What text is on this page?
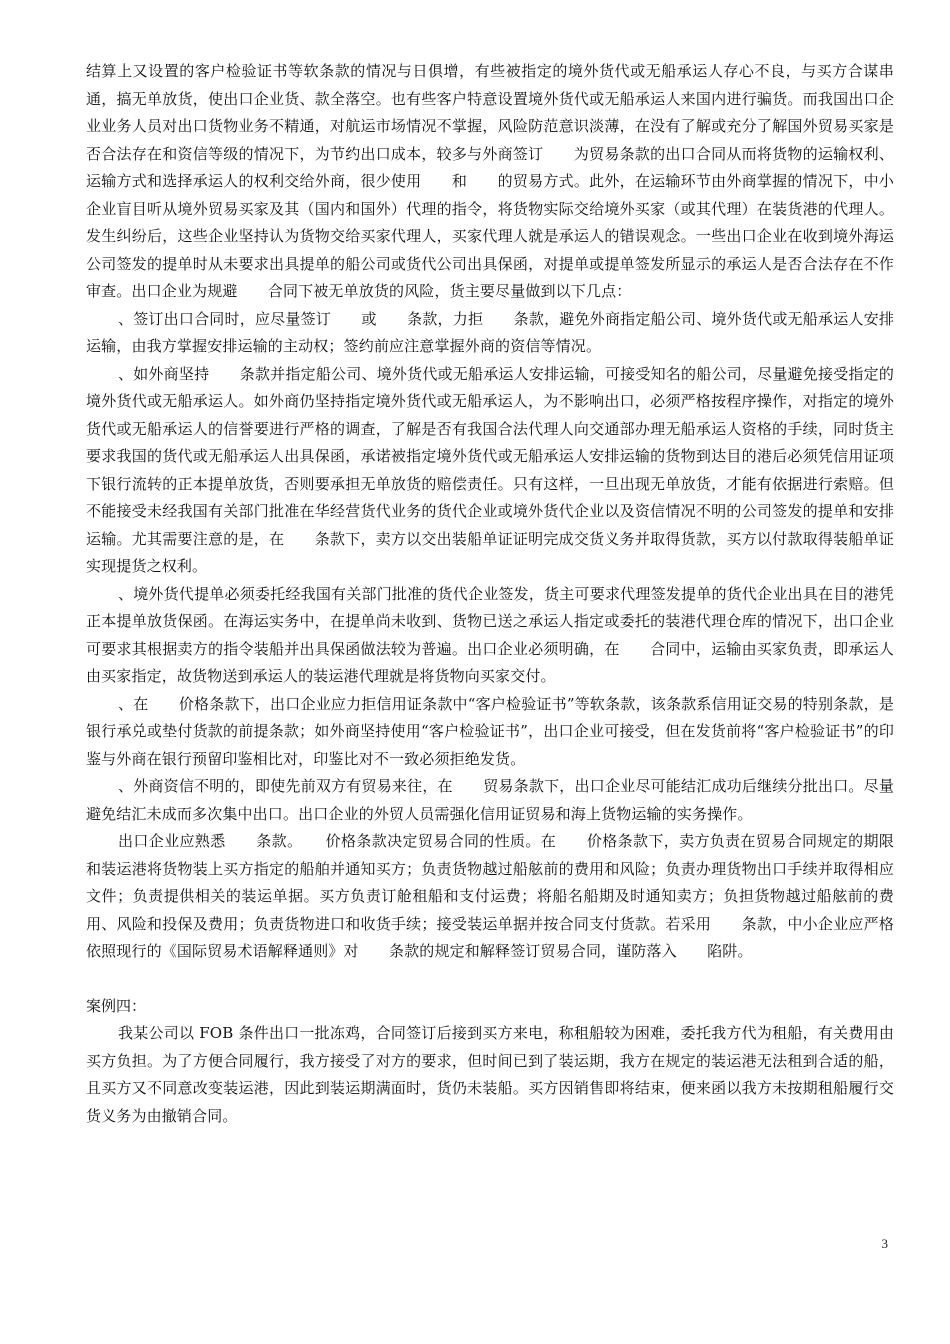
结算上又设置的客户检验证书等软条款的情况与日俱增，有些被指定的境外货代或无船承运人存心不良，与买方合谋串通，搞无单放货，使出口企业货、款全落空。也有些客户特意设置境外货代或无船承运人来国内进行骗货。而我国出口企业业务人员对出口货物业务不精通，对航运市场情况不掌握，风险防范意识淡薄，在没有了解或充分了解国外贸易买家是否合法存在和资信等级的情况下，为节约出口成本，较多与外商签订　　为贸易条款的出口合同从而将货物的运输权利、运输方式和选择承运人的权利交给外商，很少使用　　和　　的贸易方式。此外，在运输环节由外商掌握的情况下，中小企业盲目听从境外贸易买家及其（国内和国外）代理的指令，将货物实际交给境外买家（或其代理）在装货港的代理人。发生纠纷后，这些企业坚持认为货物交给买家代理人，买家代理人就是承运人的错误观念。一些出口企业在收到境外海运公司签发的提单时从未要求出具提单的船公司或货代公司出具保函，对提单或提单签发所显示的承运人是否合法存在不作审查。出口企业为规避　　合同下被无单放货的风险，货主要尽量做到以下几点：

、签订出口合同时，应尽量签订　　或　　条款，力拒　　条款，避免外商指定船公司、境外货代或无船承运人安排运输，由我方掌握安排运输的主动权；签约前应注意掌握外商的资信等情况。

、如外商坚持　　条款并指定船公司、境外货代或无船承运人安排运输，可接受知名的船公司，尽量避免接受指定的境外货代或无船承运人。如外商仍坚持指定境外货代或无船承运人，为不影响出口，必须严格按程序操作，对指定的境外货代或无船承运人的信誉要进行严格的调查，了解是否有我国合法代理人向交通部办理无船承运人资格的手续，同时货主要求我国的货代或无船承运人出具保函，承诺被指定境外货代或无船承运人安排运输的货物到达目的港后必须凭信用证项下银行流转的正本提单放货，否则要承担无单放货的赔偿责任。只有这样，一旦出现无单放货，才能有依据进行索赔。但不能接受未经我国有关部门批准在华经营货代业务的货代企业或境外货代企业以及资信情况不明的公司签发的提单和安排运输。尤其需要注意的是，在　　条款下，卖方以交出装船单证证明完成交货义务并取得货款，买方以付款取得装船单证实现提货之权利。

、境外货代提单必须委托经我国有关部门批准的货代企业签发，货主可要求代理签发提单的货代企业出具在目的港凭正本提单放货保函。在海运实务中，在提单尚未收到、货物已送之承运人指定或委托的装港代理仓库的情况下，出口企业可要求其根据卖方的指令装船并出具保函做法较为普遍。出口企业必须明确，在　　合同中，运输由买家负责，即承运人由买家指定，故货物送到承运人的装运港代理就是将货物向买家交付。

、在　　价格条款下，出口企业应力拒信用证条款中“客户检验证书”等软条款，该条款系信用证交易的特别条款，是银行承兑或垫付货款的前提条款；如外商坚持使用“客户检验证书”，出口企业可接受，但在发货前将“客户检验证书”的印鉴与外商在银行预留印鉴相比对，印鉴比对不一致必须拒绝发货。

、外商资信不明的，即使先前双方有贸易来往，在　　贸易条款下，出口企业尽可能结汇成功后继续分批出口。尽量避免结汇未成而多次集中出口。出口企业的外贸人员需强化信用证贸易和海上货物运输的实务操作。

出口企业应熟悉　　条款。　　价格条款决定贸易合同的性质。在　　价格条款下，卖方负责在贸易合同规定的期限和装运港将货物装上买方指定的船舶并通知买方；负责货物越过船舷前的费用和风险；负责办理货物出口手续并取得相应文件；负责提供相关的装运单据。买方负责订舱租船和支付运费；将船名船期及时通知卖方；负担货物越过船舷前的费用、风险和投保及费用；负责货物进口和收货手续；接受装运单据并按合同支付货款。若采用　　条款，中小企业应严格依照现行的《国际贸易术语解释通则》对　　条款的规定和解释签订贸易合同，谨防落入　　陷阱。

案例四：

我某公司以 FOB 条件出口一批冻鸡，合同签订后接到买方来电，称租船较为困难，委托我方代为租船，有关费用由买方负担。为了方便合同履行，我方接受了对方的要求，但时间已到了装运期，我方在规定的装运港无法租到合适的船，且买方又不同意改变装运港，因此到装运期满面时，货仍未装船。买方因销售即将结束，便来函以我方未按期租船履行交货义务为由撤销合同。

3
